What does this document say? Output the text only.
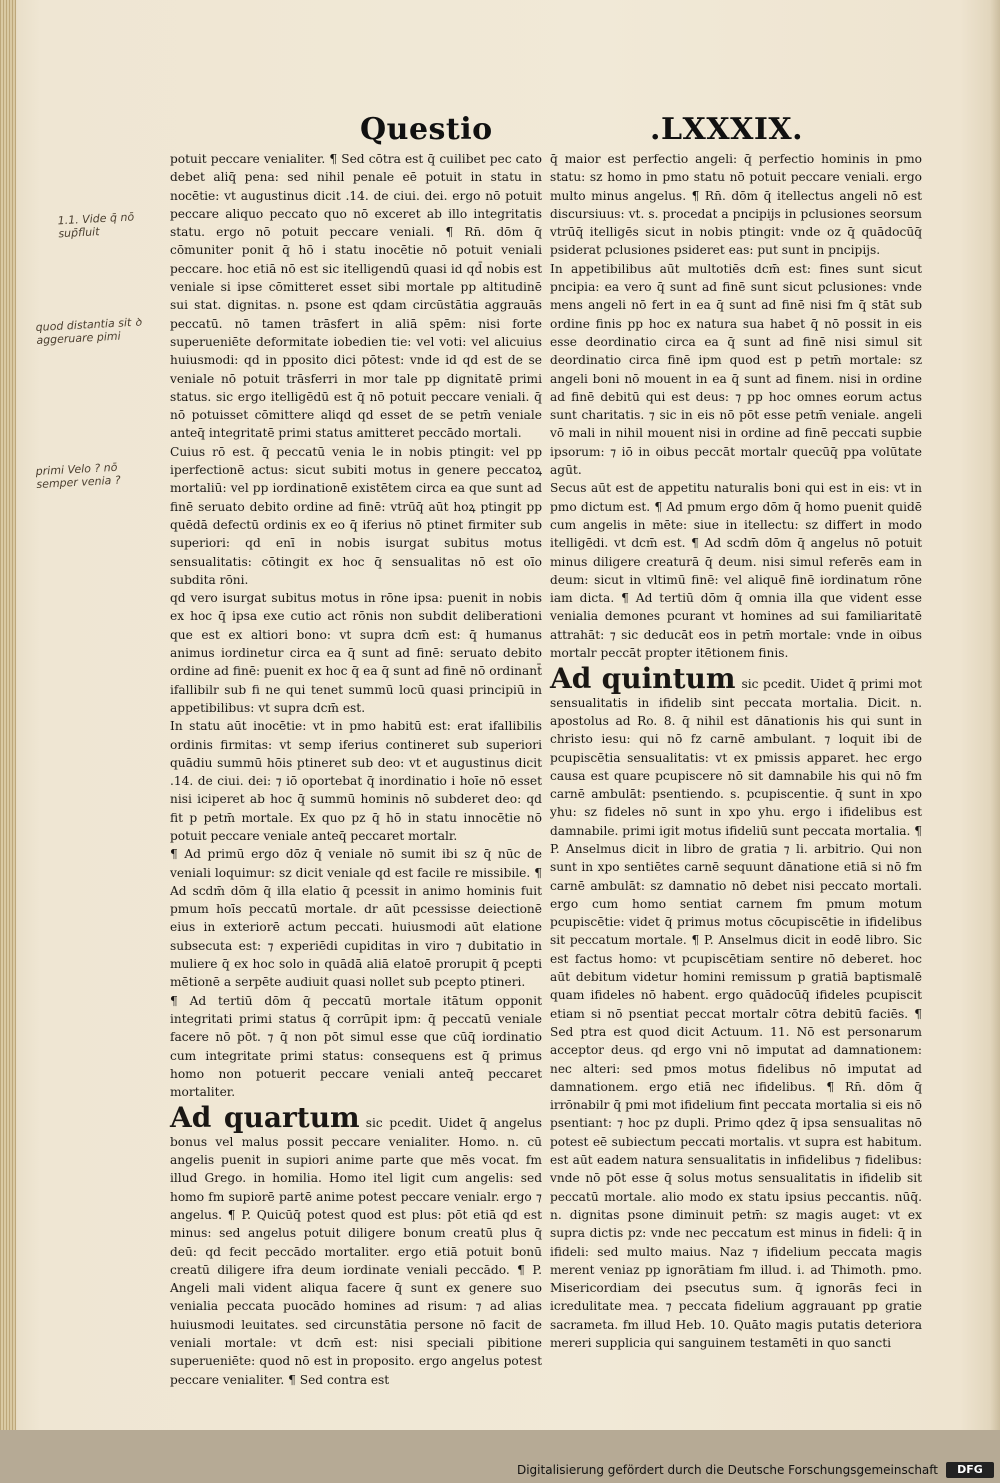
Questio	.LXXXIX.
1.1. Vide q̄ nō sup̄fluit
quod distantia sit ꝺ aggeruare pimi
primi Velo ? nō semper venia ?

potuit peccare venialiter. ¶ Sed cōtra est q̄ cuilibet pec cato debet aliq̄ pena: sed nihil penale eē potuit in statu in nocētie: vt augustinus dicit .14. de ciui. dei. ergo nō potuit peccare aliquo peccato quo nō exceret ab illo integritatis statu. ergo nō potuit peccare veniali. ¶ Rn̄. dōm q̄ cōmuniter ponit q̄ hō i statu inocētie nō potuit veniali peccare. hoc etiā nō est sic itelligendū quasi id qd̄ nobis est veniale si ipse cōmitteret esset sibi mortale pp altitudinē sui stat. dignitas. n. psone est qdam circūstātia aggrauās peccatū. nō tamen trāsfert in aliā spēm: nisi forte superueniēte deformitate iobedien tie: vel voti: vel alicuius huiusmodi: qd in pposito dici pōtest: vnde id qd est de se veniale nō potuit trāsferri in mor tale pp dignitatē primi status. sic ergo itelligēdū est q̄ nō potuit peccare veniali. q̄ nō potuisset cōmittere aliqd qd esset de se petm̄ veniale anteq̄ integritatē primi status amitteret peccādo mortali.

Cuius rō est. q̄ peccatū venia le in nobis ptingit: vel pp iperfectionē actus: sicut subiti motus in genere peccatoꝝ mortaliū: vel pp iordinationē existētem circa ea que sunt ad finē seruato debito ordine ad finē: vtrūq̄ aūt hoꝝ ptingit pp quēdā defectū ordinis ex eo q̄ iferius nō ptinet firmiter sub superiori: qd enī in nobis isurgat subitus motus sensualitatis: cōtingit ex hoc q̄ sensualitas nō est oīo subdita rōni.

qd vero isurgat subitus motus in rōne ipsa: puenit in nobis ex hoc q̄ ipsa exe cutio act rōnis non subdit deliberationi que est ex altiori bono: vt supra dcm̄ est: q̄ humanus animus iordinetur circa ea q̄ sunt ad finē: seruato debito ordine ad finē: puenit ex hoc q̄ ea q̄ sunt ad finē nō ordinant̄ ifallibilr sub fi ne qui tenet summū locū quasi principiū in appetibilibus: vt supra dcm̄ est.

In statu aūt inocētie: vt in pmo habitū est: erat ifallibilis ordinis firmitas: vt semp iferius contineret sub superiori quādiu summū hōis ptineret sub deo: vt et augustinus dicit .14. de ciui. dei: ⁊ iō oportebat q̄ inordinatio i hoīe nō esset nisi iciperet ab hoc q̄ summū hominis nō subderet deo: qd fit p petm̄ mortale. Ex quo pz q̄ hō in statu innocētie nō potuit peccare veniale anteq̄ peccaret mortalr.

¶ Ad primū ergo dōz q̄ veniale nō sumit ibi sz q̄ nūc de veniali loquimur: sz dicit veniale qd est facile re missibile. ¶ Ad scdm̄ dōm q̄ illa elatio q̄ pcessit in animo hominis fuit pmum hoīs peccatū mortale. dr aūt pcessisse deiectionē eius in exteriorē actum peccati. huiusmodi aūt elatione subsecuta est: ⁊ experiēdi cupiditas in viro ⁊ dubitatio in muliere q̄ ex hoc solo in quādā aliā elatoē prorupit q̄ pcepti mētionē a serpēte audiuit quasi nollet sub pcepto ptineri.

¶ Ad tertiū dōm q̄ peccatū mortale itātum opponit integritati primi status q̄ corrūpit ipm: q̄ peccatū veniale facere nō pōt. ⁊ q̄ non pōt simul esse que cūq̄ iordinatio cum integritate primi status: consequens est q̄ primus homo non potuerit peccare veniali anteq̄ peccaret mortaliter.

Ad quartum sic pcedit. Uidet q̄ angelus bonus vel malus possit peccare venialiter. Homo. n. cū angelis puenit in supiori anime parte que mēs vocat. fm illud Grego. in homilia. Homo itel ligit cum angelis: sed homo fm supiorē partē anime potest peccare venialr. ergo ⁊ angelus. ¶ P. Quicūq̄ potest quod est plus: pōt etiā qd est minus: sed angelus potuit diligere bonum creatū plus q̄ deū: qd fecit peccādo mortaliter. ergo etiā potuit bonū creatū diligere ifra deum iordinate veniali peccādo. ¶ P. Angeli mali vident aliqua facere q̄ sunt ex genere suo venialia peccata puocādo homines ad risum: ⁊ ad alias huiusmodi leuitates. sed circunstātia persone nō facit de veniali mortale: vt dcm̄ est: nisi speciali pibitione superueniēte: quod nō est in proposito. ergo angelus potest peccare venialiter. ¶ Sed contra est

q̄ maior est perfectio angeli: q̄ perfectio hominis in pmo statu: sz homo in pmo statu nō potuit peccare veniali. ergo multo minus angelus. ¶ Rn̄. dōm q̄ itellectus angeli nō est discursiuus: vt. s. procedat a pncipijs in pclusiones seorsum vtrūq̄ itelligēs sicut in nobis ptingit: vnde oz q̄ quādocūq̄ psiderat pclusiones psideret eas: put sunt in pncipijs.

In appetibilibus aūt multotiēs dcm̄ est: fines sunt sicut pncipia: ea vero q̄ sunt ad finē sunt sicut pclusiones: vnde mens angeli nō fert in ea q̄ sunt ad finē nisi fm q̄ stāt sub ordine finis pp hoc ex natura sua habet q̄ nō possit in eis esse deordinatio circa ea q̄ sunt ad finē nisi simul sit deordinatio circa finē ipm quod est p petm̄ mortale: sz angeli boni nō mouent in ea q̄ sunt ad finem. nisi in ordine ad finē debitū qui est deus: ⁊ pp hoc omnes eorum actus sunt charitatis. ⁊ sic in eis nō pōt esse petm̄ veniale. angeli vō mali in nihil mouent nisi in ordine ad finē peccati supbie ipsorum: ⁊ iō in oibus peccāt mortalr quecūq̄ ppa volūtate agūt.

Secus aūt est de appetitu naturalis boni qui est in eis: vt in pmo dictum est. ¶ Ad pmum ergo dōm q̄ homo puenit quidē cum angelis in mēte: siue in itellectu: sz differt in modo itelligēdi. vt dcm̄ est. ¶ Ad scdm̄ dōm q̄ angelus nō potuit minus diligere creaturā q̄ deum. nisi simul referēs eam in deum: sicut in vltimū finē: vel aliquē finē iordinatum rōne iam dicta. ¶ Ad tertiū dōm q̄ omnia illa que vident esse venialia demones pcurant vt homines ad sui familiaritatē attrahāt: ⁊ sic deducāt eos in petm̄ mortale: vnde in oibus mortalr peccāt propter itētionem finis.

Ad quintum sic pcedit. Uidet q̄ primi mot sensualitatis in ifidelib sint peccata mortalia. Dicit. n. apostolus ad Ro. 8. q̄ nihil est dānationis his qui sunt in christo iesu: qui nō fz carnē ambulant. ⁊ loquit ibi de pcupiscētia sensualitatis: vt ex pmissis apparet. hec ergo causa est quare pcupiscere nō sit damnabile his qui nō fm carnē ambulāt: psentiendo. s. pcupiscentie. q̄ sunt in xpo yhu: sz fideles nō sunt in xpo yhu. ergo i ifidelibus est damnabile. primi igit motus ifideliū sunt peccata mortalia. ¶ P. Anselmus dicit in libro de gratia ⁊ li. arbitrio. Qui non sunt in xpo sentiētes carnē sequunt dānatione etiā si nō fm carnē ambulāt: sz damnatio nō debet nisi peccato mortali. ergo cum homo sentiat carnem fm pmum motum pcupiscētie: videt q̄ primus motus cōcupiscētie in ifidelibus sit peccatum mortale. ¶ P. Anselmus dicit in eodē libro. Sic est factus homo: vt pcupiscētiam sentire nō deberet. hoc aūt debitum videtur homini remissum p gratiā baptismalē quam ifideles nō habent. ergo quādocūq̄ ifideles pcupiscit etiam si nō psentiat peccat mortalr cōtra debitū faciēs. ¶ Sed ptra est quod dicit Actuum. 11. Nō est personarum acceptor deus. qd ergo vni nō imputat ad damnationem: nec alteri: sed pmos motus fidelibus nō imputat ad damnationem. ergo etiā nec ifidelibus. ¶ Rn̄. dōm q̄ irrōnabilr q̄ pmi mot ifidelium fint peccata mortalia si eis nō psentiant: ⁊ hoc pz dupli. Primo qdez q̄ ipsa sensualitas nō potest eē subiectum peccati mortalis. vt supra est habitum. est aūt eadem natura sensualitatis in infidelibus ⁊ fidelibus: vnde nō pōt esse q̄ solus motus sensualitatis in ifidelib sit peccatū mortale. alio modo ex statu ipsius peccantis. nūq̄. n. dignitas psone diminuit petm̄: sz magis auget: vt ex supra dictis pz: vnde nec peccatum est minus in fideli: q̄ in ifideli: sed multo maius. Naz ⁊ ifidelium peccata magis merent veniaz pp ignorātiam fm illud. i. ad Thimoth. pmo. Misericordiam dei psecutus sum. q̄ ignorās feci in icredulitate mea. ⁊ peccata fidelium aggrauant pp gratie sacrameta. fm illud Heb. 10. Quāto magis putatis deteriora mereri supplicia qui sanguinem testamēti in quo sancti

Digitalisierung gefördert durch die Deutsche Forschungsgemeinschaft	DFG
